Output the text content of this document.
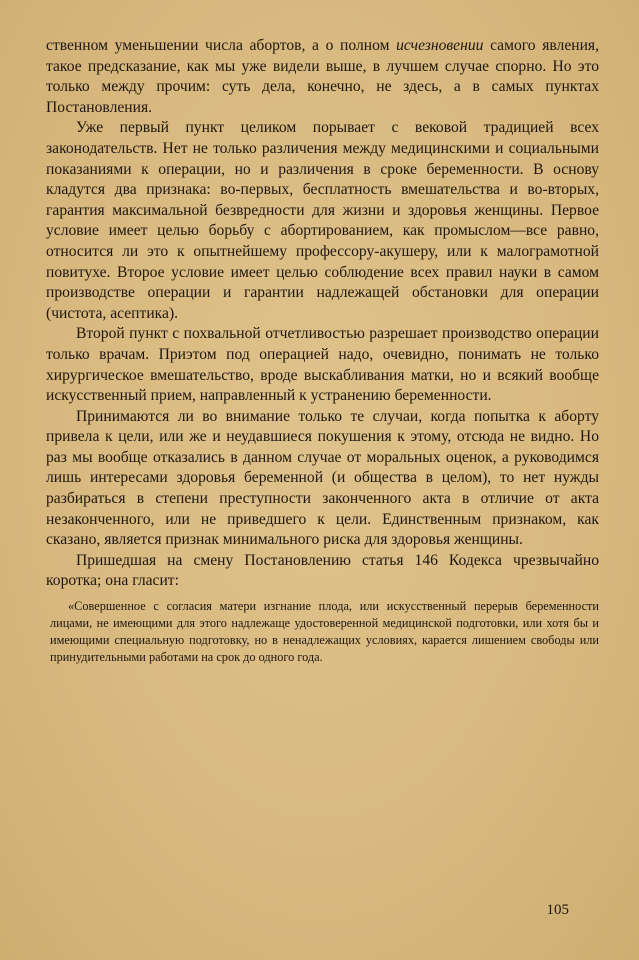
ственном уменьшении числа абортов, а о полном исчезновении самого явления, такое предсказание, как мы уже видели выше, в лучшем случае спорно. Но это только между прочим: суть дела, конечно, не здесь, а в самых пунктах Постановления.

Уже первый пункт целиком порывает с вековой традицией всех законодательств. Нет не только различения между медицинскими и социальными показаниями к операции, но и различения в сроке беременности. В основу кладутся два признака: во-первых, бесплатность вмешательства и во-вторых, гарантия максимальной безвредности для жизни и здоровья женщины. Первое условие имеет целью борьбу с абортированием, как промыслом—все равно, относится ли это к опытнейшему профессору-акушеру, или к малограмотной повитухе. Второе условие имеет целью соблюдение всех правил науки в самом производстве операции и гарантии надлежащей обстановки для операции (чистота, асептика).

Второй пункт с похвальной отчетливостью разрешает производство операции только врачам. Приэтом под операцией надо, очевидно, понимать не только хирургическое вмешательство, вроде выскабливания матки, но и всякий вообще искусственный прием, направленный к устранению беременности.

Принимаются ли во внимание только те случаи, когда попытка к аборту привела к цели, или же и неудавшиеся покушения к этому, отсюда не видно. Но раз мы вообще отказались в данном случае от моральных оценок, а руководимся лишь интересами здоровья беременной (и общества в целом), то нет нужды разбираться в степени преступности законченного акта в отличие от акта незаконченного, или не приведшего к цели. Единственным признаком, как сказано, является признак минимального риска для здоровья женщины.

Пришедшая на смену Постановлению статья 146 Кодекса чрезвычайно коротка; она гласит:

«Совершенное с согласия матери изгнание плода, или искусственный перерыв беременности лицами, не имеющими для этого надлежаще удостоверенной медицинской подготовки, или хотя бы и имеющими специальную подготовку, но в ненадлежащих условиях, карается лишением свободы или принудительными работами на срок до одного года.

105
